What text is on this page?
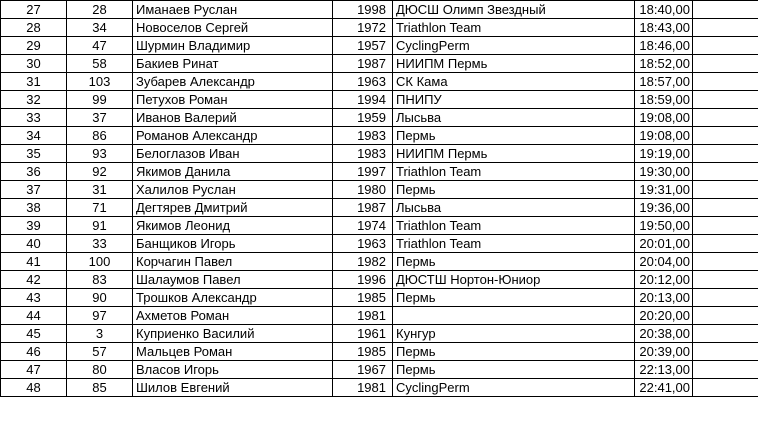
27	28	Иманаев Руслан	1998	ДЮСШ Олимп Звездный	18:40,00	
28	34	Новоселов Сергей	1972	Triathlon Team	18:43,00	
29	47	Шурмин Владимир	1957	CyclingPerm	18:46,00	
30	58	Бакиев Ринат	1987	НИИПМ Пермь	18:52,00	
31	103	Зубарев Александр	1963	СК Кама	18:57,00	
32	99	Петухов Роман	1994	ПНИПУ	18:59,00	
33	37	Иванов Валерий	1959	Лысьва	19:08,00	
34	86	Романов Александр	1983	Пермь	19:08,00	
35	93	Белоглазов Иван	1983	НИИПМ Пермь	19:19,00	
36	92	Якимов Данила	1997	Triathlon Team	19:30,00	
37	31	Халилов Руслан	1980	Пермь	19:31,00	
38	71	Дегтярев Дмитрий	1987	Лысьва	19:36,00	
39	91	Якимов Леонид	1974	Triathlon Team	19:50,00	
40	33	Банщиков Игорь	1963	Triathlon Team	20:01,00	
41	100	Корчагин Павел	1982	Пермь	20:04,00	
42	83	Шалаумов Павел	1996	ДЮСТШ Нортон-Юниор	20:12,00	
43	90	Трошков Александр	1985	Пермь	20:13,00	
44	97	Ахметов Роман	1981		20:20,00	
45	3	Куприенко Василий	1961	Кунгур	20:38,00	
46	57	Мальцев Роман	1985	Пермь	20:39,00	
47	80	Власов Игорь	1967	Пермь	22:13,00	
48	85	Шилов Евгений	1981	CyclingPerm	22:41,00	
